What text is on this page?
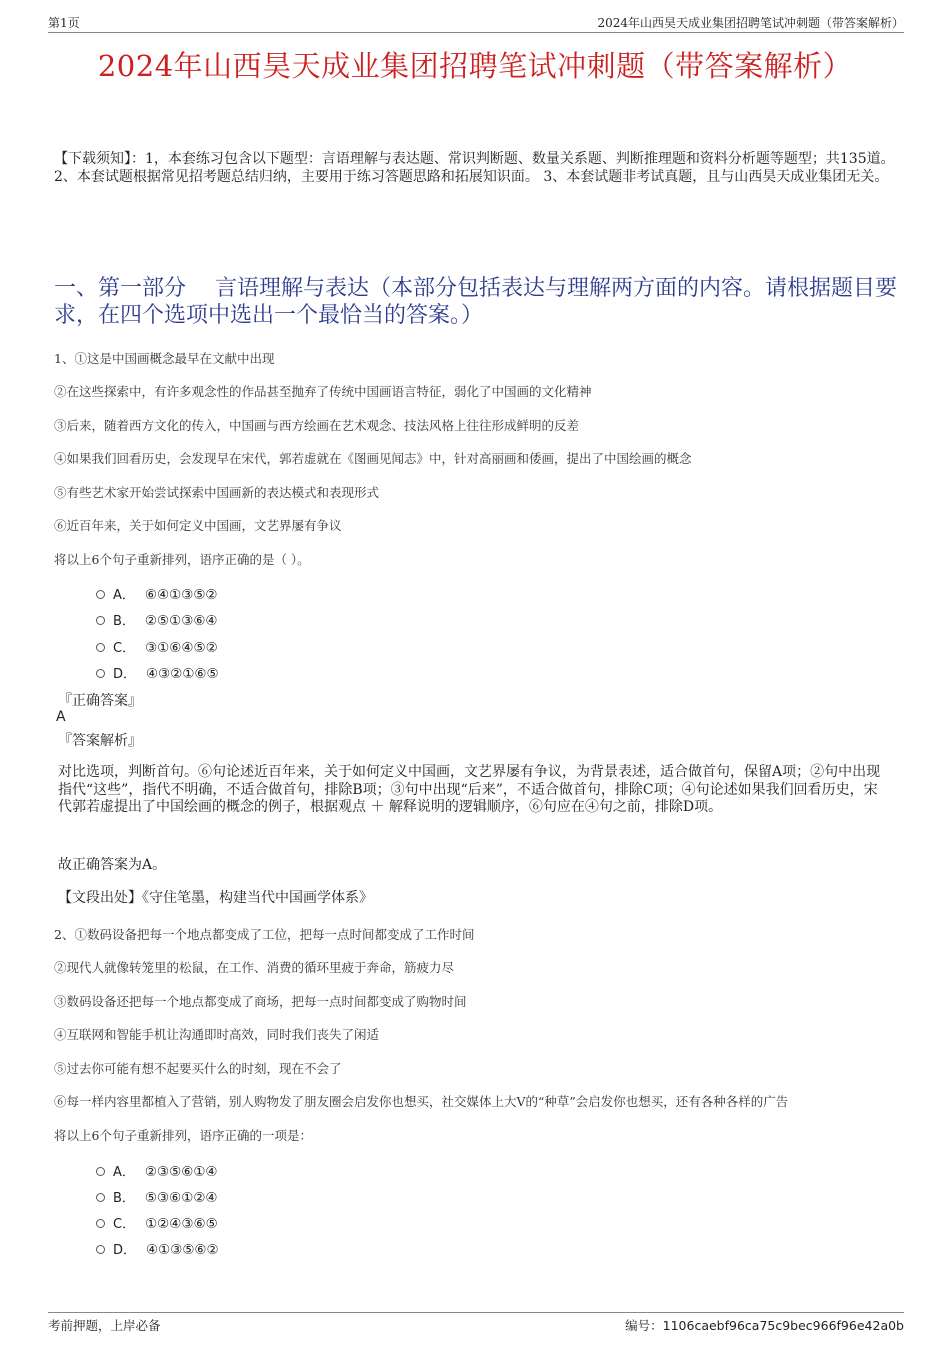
第1页	2024年山西昊天成业集团招聘笔试冲刺题（带答案解析）
2024年山西昊天成业集团招聘笔试冲刺题（带答案解析）
【下载须知】：1，本套练习包含以下题型：言语理解与表达题、常识判断题、数量关系题、判断推理题和资料分析题等题型；共135道。 2、本套试题根据常见招考题总结归纳，主要用于练习答题思路和拓展知识面。 3、本套试题非考试真题，且与山西昊天成业集团无关。
一、第一部分　 言语理解与表达（本部分包括表达与理解两方面的内容。请根据题目要求，在四个选项中选出一个最恰当的答案。）
1、①这是中国画概念最早在文献中出现
②在这些探索中，有许多观念性的作品甚至抛弃了传统中国画语言特征，弱化了中国画的文化精神
③后来，随着西方文化的传入，中国画与西方绘画在艺术观念、技法风格上往往形成鲜明的反差
④如果我们回看历史，会发现早在宋代，郭若虚就在《图画见闻志》中，针对高丽画和倭画，提出了中国绘画的概念
⑤有些艺术家开始尝试探索中国画新的表达模式和表现形式
⑥近百年来，关于如何定义中国画，文艺界屡有争议
将以上6个句子重新排列，语序正确的是（ ）。
A． ⑥④①③⑤②
B． ②⑤①③⑥④
C． ③①⑥④⑤②
D． ④③②①⑥⑤
『正确答案』
A
『答案解析』
对比选项，判断首句。⑥句论述近百年来，关于如何定义中国画，文艺界屡有争议，为背景表述，适合做首句，保留A项；②句中出现指代“这些”，指代不明确，不适合做首句，排除B项；③句中出现“后来”，不适合做首句，排除C项；④句论述如果我们回看历史，宋代郭若虚提出了中国绘画的概念的例子，根据观点 ＋ 解释说明的逻辑顺序，⑥句应在④句之前，排除D项。
故正确答案为A。
【文段出处】《守住笔墨，构建当代中国画学体系》
2、①数码设备把每一个地点都变成了工位，把每一点时间都变成了工作时间
②现代人就像转笼里的松鼠，在工作、消费的循环里疲于奔命，筋疲力尽
③数码设备还把每一个地点都变成了商场，把每一点时间都变成了购物时间
④互联网和智能手机让沟通即时高效，同时我们丧失了闲适
⑤过去你可能有想不起要买什么的时刻，现在不会了
⑥每一样内容里都植入了营销，别人购物发了朋友圈会启发你也想买，社交媒体上大V的“种草”会启发你也想买，还有各种各样的广告
将以上6个句子重新排列，语序正确的一项是：
A． ②③⑤⑥①④
B． ⑤③⑥①②④
C． ①②④③⑥⑤
D． ④①③⑤⑥②
考前押题，上岸必备	编号：1106caebf96ca75c9bec966f96e42a0b
